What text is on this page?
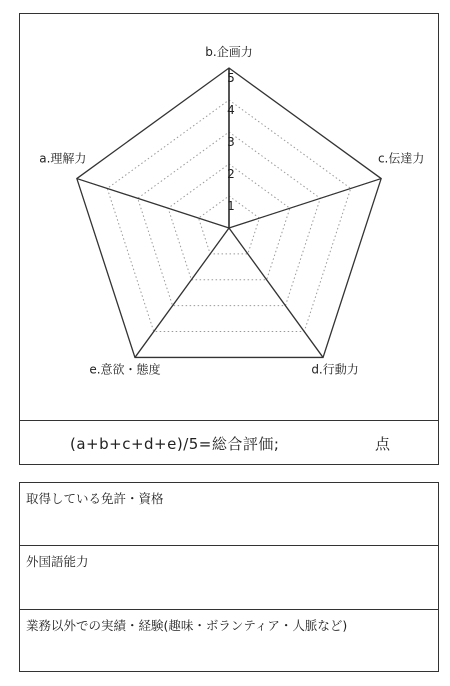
1
2
3
4
5
b.企画力
c.伝達力
d.行動力
e.意欲・態度
a.理解力
(a+b+c+d+e)/5=総合評価;	点
取得している免許・資格
外国語能力
業務以外での実績・経験(趣味・ボランティア・人脈など)
